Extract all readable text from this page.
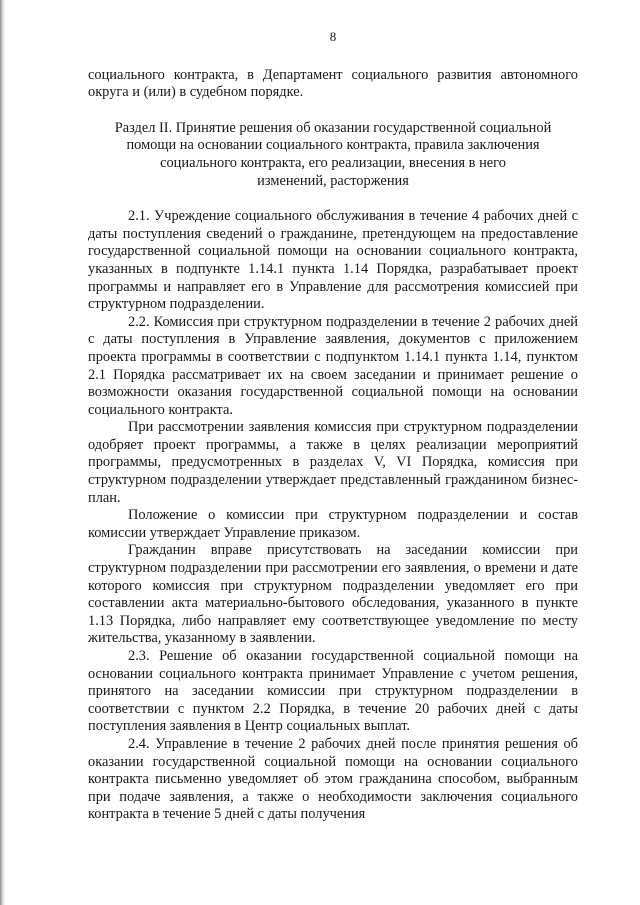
8

социального контракта, в Департамент социального развития автономного округа и (или) в судебном порядке.

Раздел II. Принятие решения об оказании государственной социальной
помощи на основании социального контракта, правила заключения
социального контракта, его реализации, внесения в него
изменений, расторжения

2.1. Учреждение социального обслуживания в течение 4 рабочих дней с даты поступления сведений о гражданине, претендующем на предоставление государственной социальной помощи на основании социального контракта, указанных в подпункте 1.14.1 пункта 1.14 Порядка, разрабатывает проект программы и направляет его в Управление для рассмотрения комиссией при структурном подразделении.

2.2. Комиссия при структурном подразделении в течение 2 рабочих дней с даты поступления в Управление заявления, документов с приложением проекта программы в соответствии с подпунктом 1.14.1 пункта 1.14, пунктом 2.1 Порядка рассматривает их на своем заседании и принимает решение о возможности оказания государственной социальной помощи на основании социального контракта.

При рассмотрении заявления комиссия при структурном подразделении одобряет проект программы, а также в целях реализации мероприятий программы, предусмотренных в разделах V, VI Порядка, комиссия при структурном подразделении утверждает представленный гражданином бизнес-план.

Положение о комиссии при структурном подразделении и состав комиссии утверждает Управление приказом.

Гражданин вправе присутствовать на заседании комиссии при структурном подразделении при рассмотрении его заявления, о времени и дате которого комиссия при структурном подразделении уведомляет его при составлении акта материально-бытового обследования, указанного в пункте 1.13 Порядка, либо направляет ему соответствующее уведомление по месту жительства, указанному в заявлении.

2.3. Решение об оказании государственной социальной помощи на основании социального контракта принимает Управление с учетом решения, принятого на заседании комиссии при структурном подразделении в соответствии с пунктом 2.2 Порядка, в течение 20 рабочих дней с даты поступления заявления в Центр социальных выплат.

2.4. Управление в течение 2 рабочих дней после принятия решения об оказании государственной социальной помощи на основании социального контракта письменно уведомляет об этом гражданина способом, выбранным при подаче заявления, а также о необходимости заключения социального контракта в течение 5 дней с даты получения
